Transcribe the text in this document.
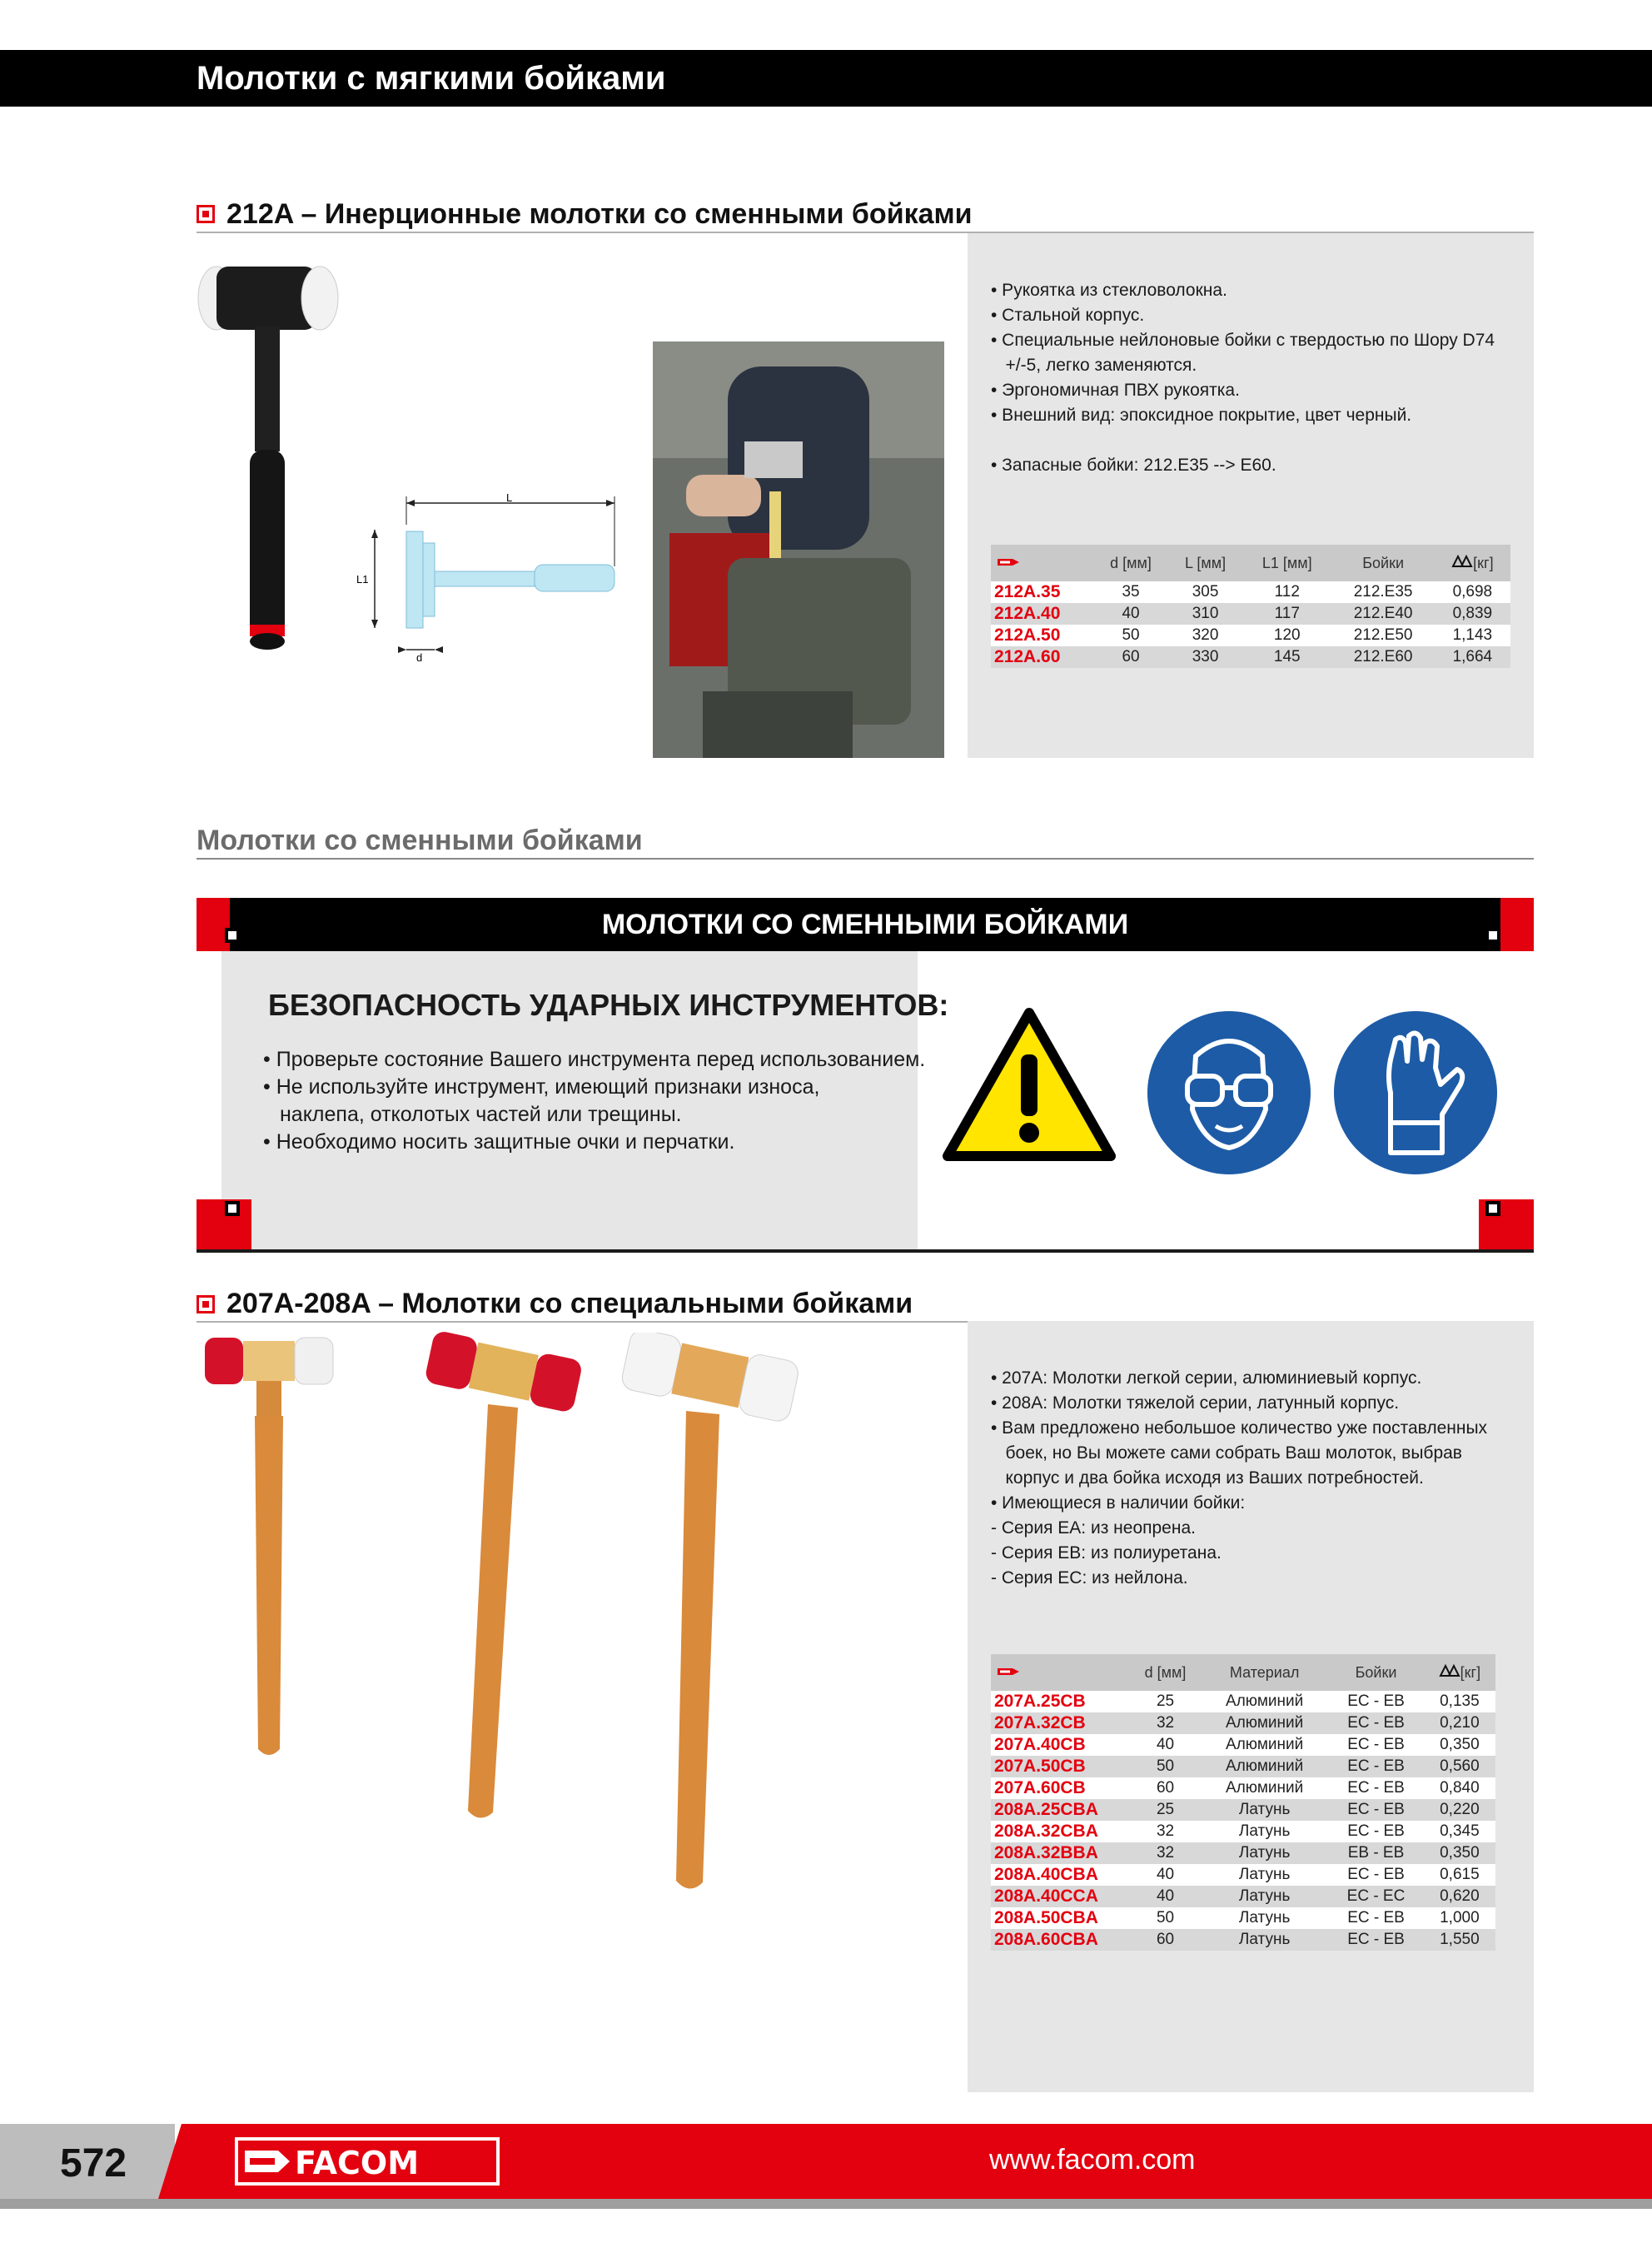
Молотки с мягкими бойками
212A – Инерционные молотки со сменными бойками
L
L1
d
• Рукоятка из стекловолокна.
• Стальной корпус.
• Специальные нейлоновые бойки с твердостью по Шору D74
+/-5, легко заменяются.
• Эргономичная ПВХ рукоятка.
• Внешний вид: эпоксидное покрытие, цвет черный.
• Запасные бойки: 212.E35 --> E60.
	d [мм]	L [мм]	L1 [мм]	Бойки	[кг]
212A.35	35	305	112	212.E35	0,698
212A.40	40	310	117	212.E40	0,839
212A.50	50	320	120	212.E50	1,143
212A.60	60	330	145	212.E60	1,664
Молотки со сменными бойками
МОЛОТКИ СО СМЕННЫМИ БОЙКАМИ
БЕЗОПАСНОСТЬ УДАРНЫХ ИНСТРУМЕНТОВ:
• Проверьте состояние Вашего инструмента перед использованием.
• Не используйте инструмент, имеющий признаки износа,
наклепа, отколотых частей или трещины.
• Необходимо носить защитные очки и перчатки.
207A-208A – Молотки со специальными бойками
• 207A: Молотки легкой серии, алюминиевый корпус.
• 208A: Молотки тяжелой серии, латунный корпус.
• Вам предложено небольшое количество уже поставленных
боек, но Вы можете сами собрать Ваш молоток, выбрав
корпус и два бойка исходя из Ваших потребностей.
• Имеющиеся в наличии бойки:
- Серия EA: из неопрена.
- Серия EB: из полиуретана.
- Серия EC: из нейлона.
	d [мм]	Материал	Бойки	[кг]
207A.25CB	25	Алюминий	EC - EB	0,135
207A.32CB	32	Алюминий	EC - EB	0,210
207A.40CB	40	Алюминий	EC - EB	0,350
207A.50CB	50	Алюминий	EC - EB	0,560
207A.60CB	60	Алюминий	EC - EB	0,840
208A.25CBA	25	Латунь	EC - EB	0,220
208A.32CBA	32	Латунь	EC - EB	0,345
208A.32BBA	32	Латунь	EB - EB	0,350
208A.40CBA	40	Латунь	EC - EB	0,615
208A.40CCA	40	Латунь	EC - EC	0,620
208A.50CBA	50	Латунь	EC - EB	1,000
208A.60CBA	60	Латунь	EC - EB	1,550
572	FACOM	www.facom.com
